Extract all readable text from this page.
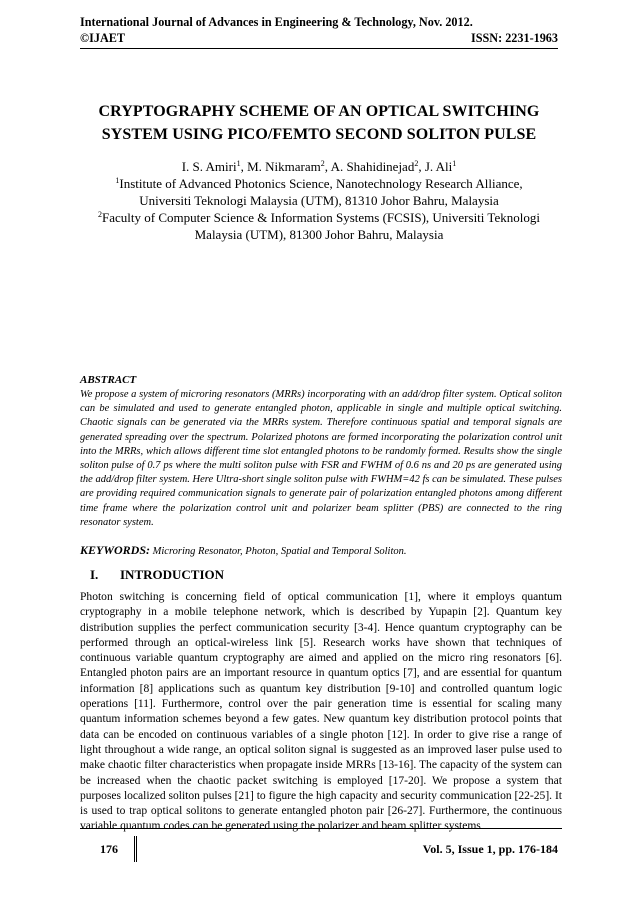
International Journal of Advances in Engineering & Technology, Nov. 2012.
©IJAET	ISSN: 2231-1963
CRYPTOGRAPHY SCHEME OF AN OPTICAL SWITCHING
SYSTEM USING PICO/FEMTO SECOND SOLITON PULSE
I. S. Amiri$^1$, M. Nikmaram$^2$, A. Shahidinejad$^2$, J. Ali$^1$
$^1$Institute of Advanced Photonics Science, Nanotechnology Research Alliance,
Universiti Teknologi Malaysia (UTM), 81310 Johor Bahru, Malaysia
$^2$Faculty of Computer Science & Information Systems (FCSIS), Universiti Teknologi
Malaysia (UTM), 81300 Johor Bahru, Malaysia
ABSTRACT
We propose a system of microring resonators (MRRs) incorporating with an add/drop filter system. Optical soliton can be simulated and used to generate entangled photon, applicable in single and multiple optical switching. Chaotic signals can be generated via the MRRs system. Therefore continuous spatial and temporal signals are generated spreading over the spectrum. Polarized photons are formed incorporating the polarization control unit into the MRRs, which allows different time slot entangled photons to be randomly formed. Results show the single soliton pulse of 0.7 ps where the multi soliton pulse with FSR and FWHM of 0.6 ns and 20 ps are generated using the add/drop filter system. Here Ultra-short single soliton pulse with FWHM=42 fs can be simulated. These pulses are providing required communication signals to generate pair of polarization entangled photons among different time frame where the polarization control unit and polarizer beam splitter (PBS) are connected to the ring resonator system.
KEYWORDS: Microring Resonator, Photon, Spatial and Temporal Soliton.
I. INTRODUCTION
Photon switching is concerning field of optical communication [1], where it employs quantum cryptography in a mobile telephone network, which is described by Yupapin [2]. Quantum key distribution supplies the perfect communication security [3-4]. Hence quantum cryptography can be performed through an optical-wireless link [5]. Research works have shown that techniques of continuous variable quantum cryptography are aimed and applied on the micro ring resonators [6]. Entangled photon pairs are an important resource in quantum optics [7], and are essential for quantum information [8] applications such as quantum key distribution [9-10] and controlled quantum logic operations [11]. Furthermore, control over the pair generation time is essential for scaling many quantum information schemes beyond a few gates. New quantum key distribution protocol points that data can be encoded on continuous variables of a single photon [12]. In order to give rise a range of light throughout a wide range, an optical soliton signal is suggested as an improved laser pulse used to make chaotic filter characteristics when propagate inside MRRs [13-16]. The capacity of the system can be increased when the chaotic packet switching is employed [17-20]. We propose a system that purposes localized soliton pulses [21] to figure the high capacity and security communication [22-25]. It is used to trap optical solitons to generate entangled photon pair [26-27]. Furthermore, the continuous variable quantum codes can be generated using the polarizer and beam splitter systems
176	Vol. 5, Issue 1, pp. 176-184
